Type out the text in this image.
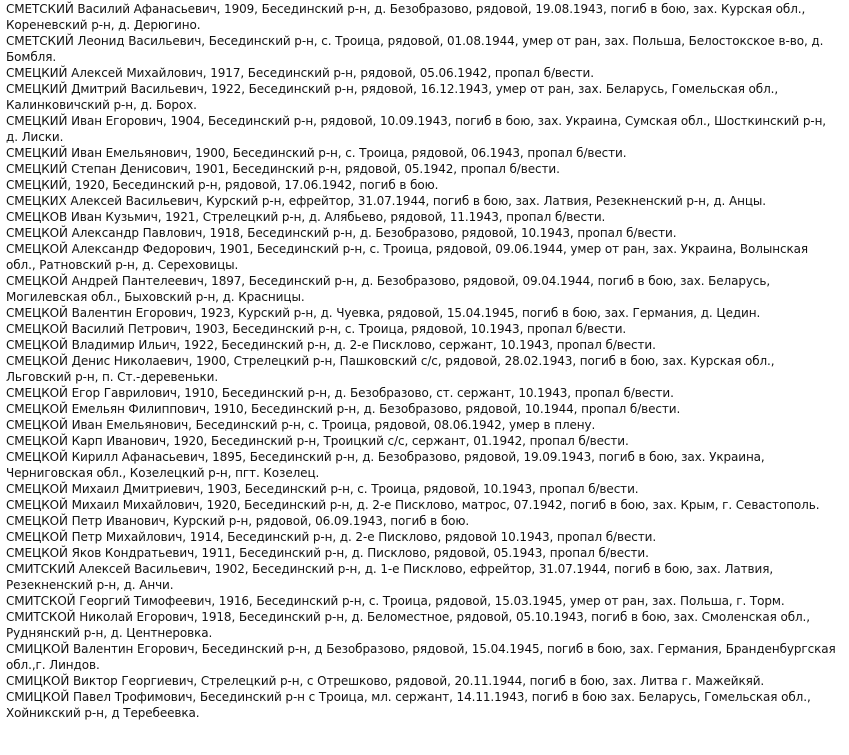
СМЕТСКИЙ Василий Афанасьевич, 1909, Бесединский р-н, д. Безобразово, рядовой, 19.08.1943, погиб в бою, зах. Курская обл., Кореневский р-н, д. Дерюгино.
СМЕТСКИЙ Леонид Васильевич, Бесединский р-н, с. Троица, рядовой, 01.08.1944, умер от ран, зах. Польша, Белостокское в-во, д. Бомбля.
СМЕЦКИЙ Алексей Михайлович, 1917, Бесединский р-н, рядовой, 05.06.1942, пропал б/вести.
СМЕЦКИЙ Дмитрий Васильевич, 1922, Бесединский р-н, рядовой, 16.12.1943, умер от ран, зах. Беларусь, Гомельская обл., Калинковичский р-н, д. Борох.
СМЕЦКИЙ Иван Егорович, 1904, Бесединский р-н, рядовой, 10.09.1943, погиб в бою, зах. Украина, Сумская обл., Шосткинский р-н, д. Лиски.
СМЕЦКИЙ Иван Емельянович, 1900, Бесединский р-н, с. Троица, рядовой, 06.1943, пропал б/вести.
СМЕЦКИЙ Степан Денисович, 1901, Бесединский р-н, рядовой, 05.1942, пропал б/вести.
СМЕЦКИЙ, 1920, Бесединский р-н, рядовой, 17.06.1942, погиб в бою.
СМЕЦКИХ Алексей Васильевич, Курский р-н, ефрейтор, 31.07.1944, погиб в бою, зах. Латвия, Резекненский р-н, д. Анцы.
СМЕЦКОВ Иван Кузьмич, 1921, Стрелецкий р-н, д. Алябьево, рядовой, 11.1943, пропал б/вести.
СМЕЦКОЙ Александр Павлович, 1918, Бесединский р-н, д. Безобразово, рядовой, 10.1943, пропал б/вести.
СМЕЦКОЙ Александр Федорович, 1901, Бесединский р-н, с. Троица, рядовой, 09.06.1944, умер от ран, зах. Украина, Волынская обл., Ратновский р-н, д. Сереховицы.
СМЕЦКОЙ Андрей Пантелеевич, 1897, Бесединский р-н, д. Безобразово, рядовой, 09.04.1944, погиб в бою, зах. Беларусь, Могилевская обл., Быховский р-н, д. Красницы.
СМЕЦКОЙ Валентин Егорович, 1923, Курский р-н, д. Чуевка, рядовой, 15.04.1945, погиб в бою, зах. Германия, д. Цедин.
СМЕЦКОЙ Василий Петрович, 1903, Бесединский р-н, с. Троица, рядовой, 10.1943, пропал б/вести.
СМЕЦКОЙ Владимир Ильич, 1922, Бесединский р-н, д. 2-е Писклово, сержант, 10.1943, пропал б/вести.
СМЕЦКОЙ Денис Николаевич, 1900, Стрелецкий р-н, Пашковский с/с, рядовой, 28.02.1943, погиб в бою, зах. Курская обл., Льговский р-н, п. Ст.-деревеньки.
СМЕЦКОЙ Егор Гаврилович, 1910, Бесединский р-н, д. Безобразово, ст. сержант, 10.1943, пропал б/вести.
СМЕЦКОЙ Емельян Филиппович, 1910, Бесединский р-н, д. Безобразово, рядовой, 10.1944, пропал б/вести.
СМЕЦКОЙ Иван Емельянович, Бесединский р-н, с. Троица, рядовой, 08.06.1942, умер в плену.
СМЕЦКОЙ Карп Иванович, 1920, Бесединский р-н, Троицкий с/с, сержант, 01.1942, пропал б/вести.
СМЕЦКОЙ Кирилл Афанасьевич, 1895, Бесединский р-н, д. Безобразово, рядовой, 19.09.1943, погиб в бою, зах. Украина, Черниговская обл., Козелецкий р-н, пгт. Козелец.
СМЕЦКОЙ Михаил Дмитриевич, 1903, Бесединский р-н, с. Троица, рядовой, 10.1943, пропал б/вести.
СМЕЦКОЙ Михаил Михайлович, 1920, Бесединский р-н, д. 2-е Писклово, матрос, 07.1942, погиб в бою, зах. Крым, г. Севастополь.
СМЕЦКОЙ Петр Иванович, Курский р-н, рядовой, 06.09.1943, погиб в бою.
СМЕЦКОЙ Петр Михайлович, 1914, Бесединский р-н, д. 2-е Писклово, рядовой 10.1943, пропал б/вести.
СМЕЦКОЙ Яков Кондратьевич, 1911, Бесединский р-н, д. Писклово, рядовой, 05.1943, пропал б/вести.
СМИТСКИЙ Алексей Васильевич, 1902, Бесединский р-н, д. 1-е Писклово, ефрейтор, 31.07.1944, погиб в бою, зах. Латвия, Резекненский р-н, д. Анчи.
СМИТСКОЙ Георгий Тимофеевич, 1916, Бесединский р-н, с. Троица, рядовой, 15.03.1945, умер от ран, зах. Польша, г. Торм.
СМИТСКОЙ Николай Егорович, 1918, Бесединский р-н, д. Беломестное, рядовой, 05.10.1943, погиб в бою, зах. Смоленская обл., Руднянский р-н, д. Центнеровка.
СМИЦКОЙ Валентин Егорович, Бесединский р-н, д Безобразово, рядовой, 15.04.1945, погиб в бою, зах. Германия, Бранденбургская обл.,г. Линдов.
СМИЦКОЙ Виктор Георгиевич, Стрелецкий р-н, с Отрешково, рядовой, 20.11.1944, погиб в бою, зах. Литва г. Мажейкяй.
СМИЦКОЙ Павел Трофимович, Бесединский р-н с Троица, мл. сержант, 14.11.1943, погиб в бою зах. Беларусь, Гомельская обл., Хойникский р-н, д Теребеевка.
